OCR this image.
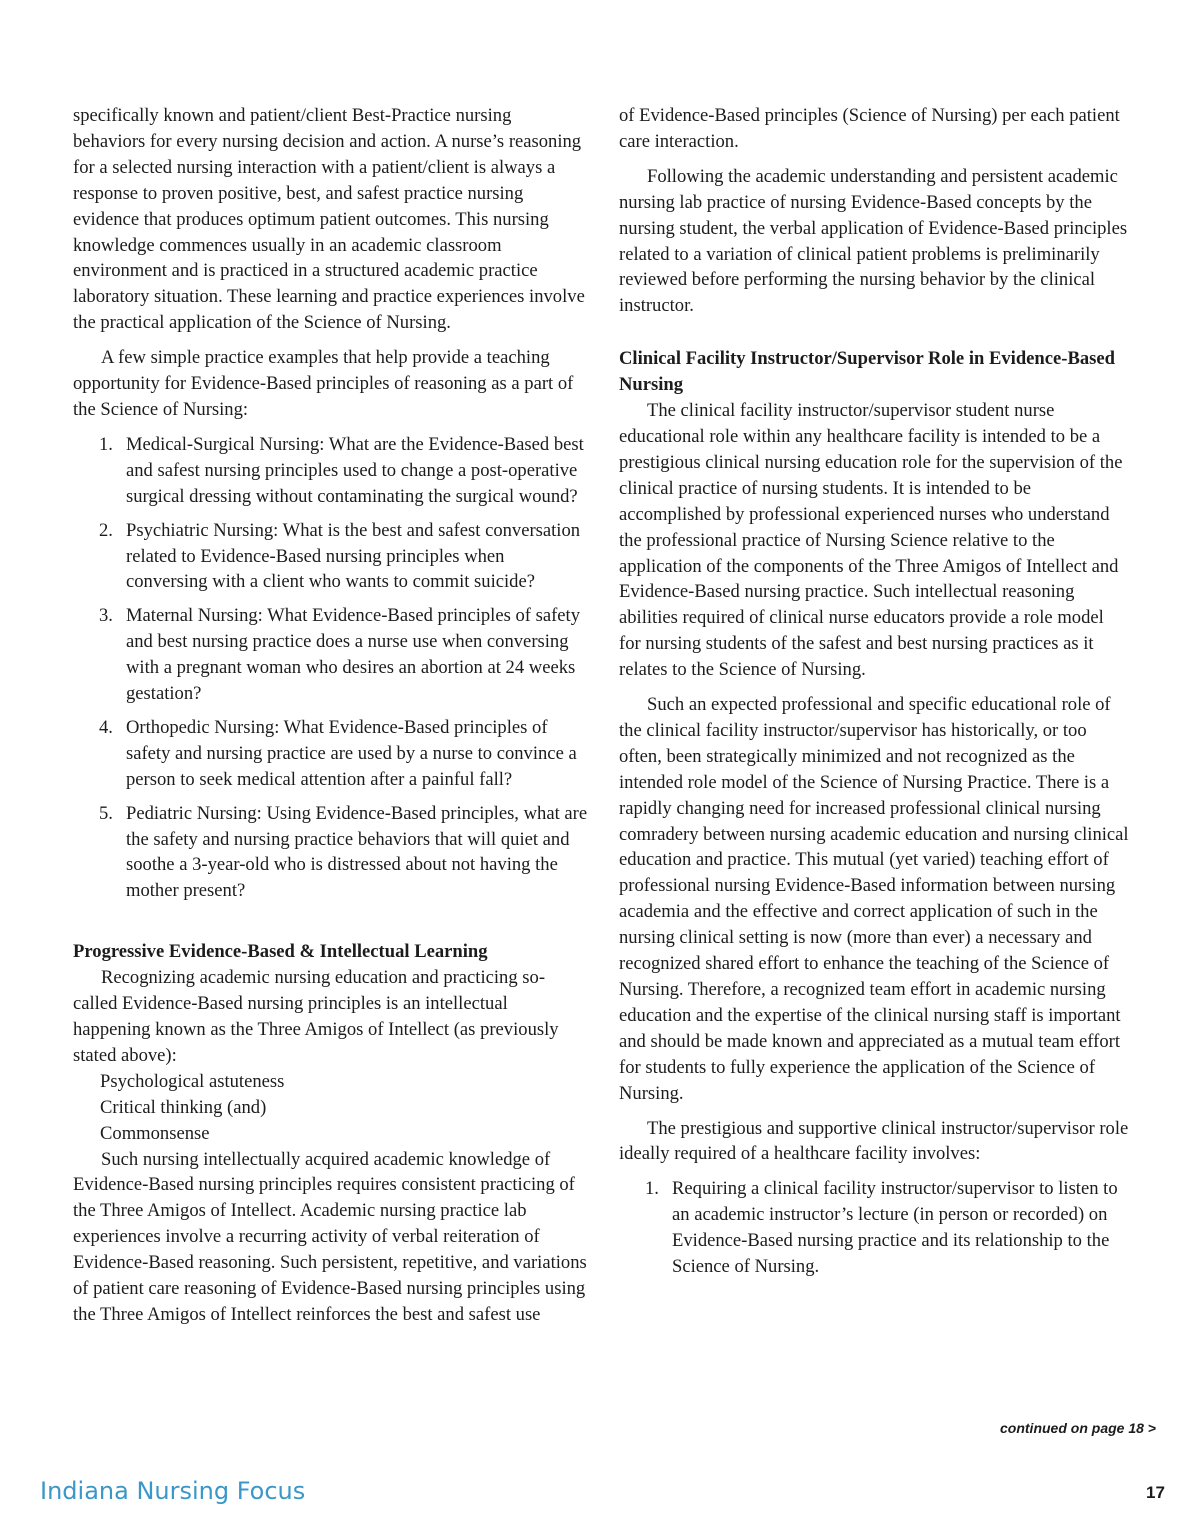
specifically known and patient/client Best-Practice nursing behaviors for every nursing decision and action. A nurse’s reasoning for a selected nursing interaction with a patient/client is always a response to proven positive, best, and safest practice nursing evidence that produces optimum patient outcomes. This nursing knowledge commences usually in an academic classroom environment and is practiced in a structured academic practice laboratory situation. These learning and practice experiences involve the practical application of the Science of Nursing.

A few simple practice examples that help provide a teaching opportunity for Evidence-Based principles of reasoning as a part of the Science of Nursing:

1. Medical-Surgical Nursing: What are the Evidence-Based best and safest nursing principles used to change a post-operative surgical dressing without contaminating the surgical wound?
2. Psychiatric Nursing: What is the best and safest conversation related to Evidence-Based nursing principles when conversing with a client who wants to commit suicide?
3. Maternal Nursing: What Evidence-Based principles of safety and best nursing practice does a nurse use when conversing with a pregnant woman who desires an abortion at 24 weeks gestation?
4. Orthopedic Nursing: What Evidence-Based principles of safety and nursing practice are used by a nurse to convince a person to seek medical attention after a painful fall?
5. Pediatric Nursing: Using Evidence-Based principles, what are the safety and nursing practice behaviors that will quiet and soothe a 3-year-old who is distressed about not having the mother present?
Progressive Evidence-Based & Intellectual Learning

Recognizing academic nursing education and practicing so-called Evidence-Based nursing principles is an intellectual happening known as the Three Amigos of Intellect (as previously stated above):

Psychological astuteness
Critical thinking (and)
Commonsense

Such nursing intellectually acquired academic knowledge of Evidence-Based nursing principles requires consistent practicing of the Three Amigos of Intellect. Academic nursing practice lab experiences involve a recurring activity of verbal reiteration of Evidence-Based reasoning. Such persistent, repetitive, and variations of patient care reasoning of Evidence-Based nursing principles using the Three Amigos of Intellect reinforces the best and safest use

of Evidence-Based principles (Science of Nursing) per each patient care interaction.

Following the academic understanding and persistent academic nursing lab practice of nursing Evidence-Based concepts by the nursing student, the verbal application of Evidence-Based principles related to a variation of clinical patient problems is preliminarily reviewed before performing the nursing behavior by the clinical instructor.

Clinical Facility Instructor/Supervisor Role in Evidence-Based Nursing

The clinical facility instructor/supervisor student nurse educational role within any healthcare facility is intended to be a prestigious clinical nursing education role for the supervision of the clinical practice of nursing students. It is intended to be accomplished by professional experienced nurses who understand the professional practice of Nursing Science relative to the application of the components of the Three Amigos of Intellect and Evidence-Based nursing practice. Such intellectual reasoning abilities required of clinical nurse educators provide a role model for nursing students of the safest and best nursing practices as it relates to the Science of Nursing.

Such an expected professional and specific educational role of the clinical facility instructor/supervisor has historically, or too often, been strategically minimized and not recognized as the intended role model of the Science of Nursing Practice. There is a rapidly changing need for increased professional clinical nursing comradery between nursing academic education and nursing clinical education and practice. This mutual (yet varied) teaching effort of professional nursing Evidence-Based information between nursing academia and the effective and correct application of such in the nursing clinical setting is now (more than ever) a necessary and recognized shared effort to enhance the teaching of the Science of Nursing. Therefore, a recognized team effort in academic nursing education and the expertise of the clinical nursing staff is important and should be made known and appreciated as a mutual team effort for students to fully experience the application of the Science of Nursing.

The prestigious and supportive clinical instructor/supervisor role ideally required of a healthcare facility involves:

1. Requiring a clinical facility instructor/supervisor to listen to an academic instructor’s lecture (in person or recorded) on Evidence-Based nursing practice and its relationship to the Science of Nursing.
continued on page 18 >
Indiana Nursing Focus	17
